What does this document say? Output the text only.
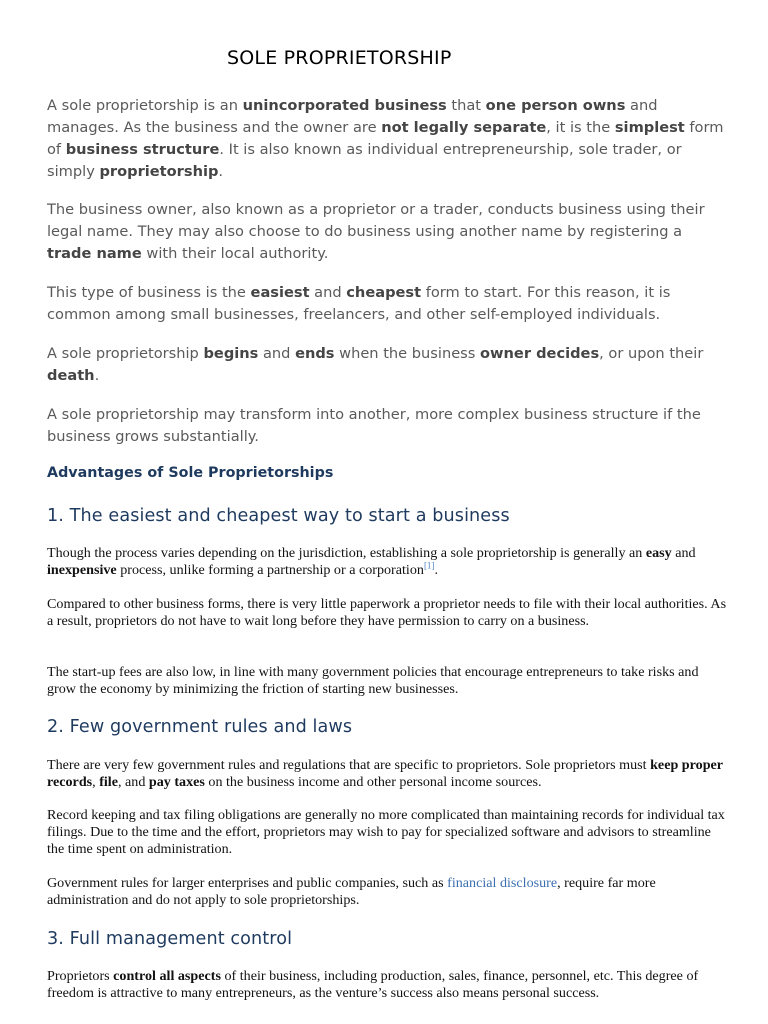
SOLE PROPRIETORSHIP

A sole proprietorship is an unincorporated business that one person owns and manages. As the business and the owner are not legally separate, it is the simplest form of business structure. It is also known as individual entrepreneurship, sole trader, or simply proprietorship.

The business owner, also known as a proprietor or a trader, conducts business using their legal name. They may also choose to do business using another name by registering a trade name with their local authority.

This type of business is the easiest and cheapest form to start. For this reason, it is common among small businesses, freelancers, and other self-employed individuals.

A sole proprietorship begins and ends when the business owner decides, or upon their death.

A sole proprietorship may transform into another, more complex business structure if the business grows substantially.

Advantages of Sole Proprietorships
1. The easiest and cheapest way to start a business

Though the process varies depending on the jurisdiction, establishing a sole proprietorship is generally an easy and inexpensive process, unlike forming a partnership or a corporation[1].

Compared to other business forms, there is very little paperwork a proprietor needs to file with their local authorities. As a result, proprietors do not have to wait long before they have permission to carry on a business.

The start-up fees are also low, in line with many government policies that encourage entrepreneurs to take risks and grow the economy by minimizing the friction of starting new businesses.

2. Few government rules and laws

There are very few government rules and regulations that are specific to proprietors. Sole proprietors must keep proper records, file, and pay taxes on the business income and other personal income sources.

Record keeping and tax filing obligations are generally no more complicated than maintaining records for individual tax filings. Due to the time and the effort, proprietors may wish to pay for specialized software and advisors to streamline the time spent on administration.

Government rules for larger enterprises and public companies, such as financial disclosure, require far more administration and do not apply to sole proprietorships.

3. Full management control

Proprietors control all aspects of their business, including production, sales, finance, personnel, etc. This degree of freedom is attractive to many entrepreneurs, as the venture’s success also means personal success.
